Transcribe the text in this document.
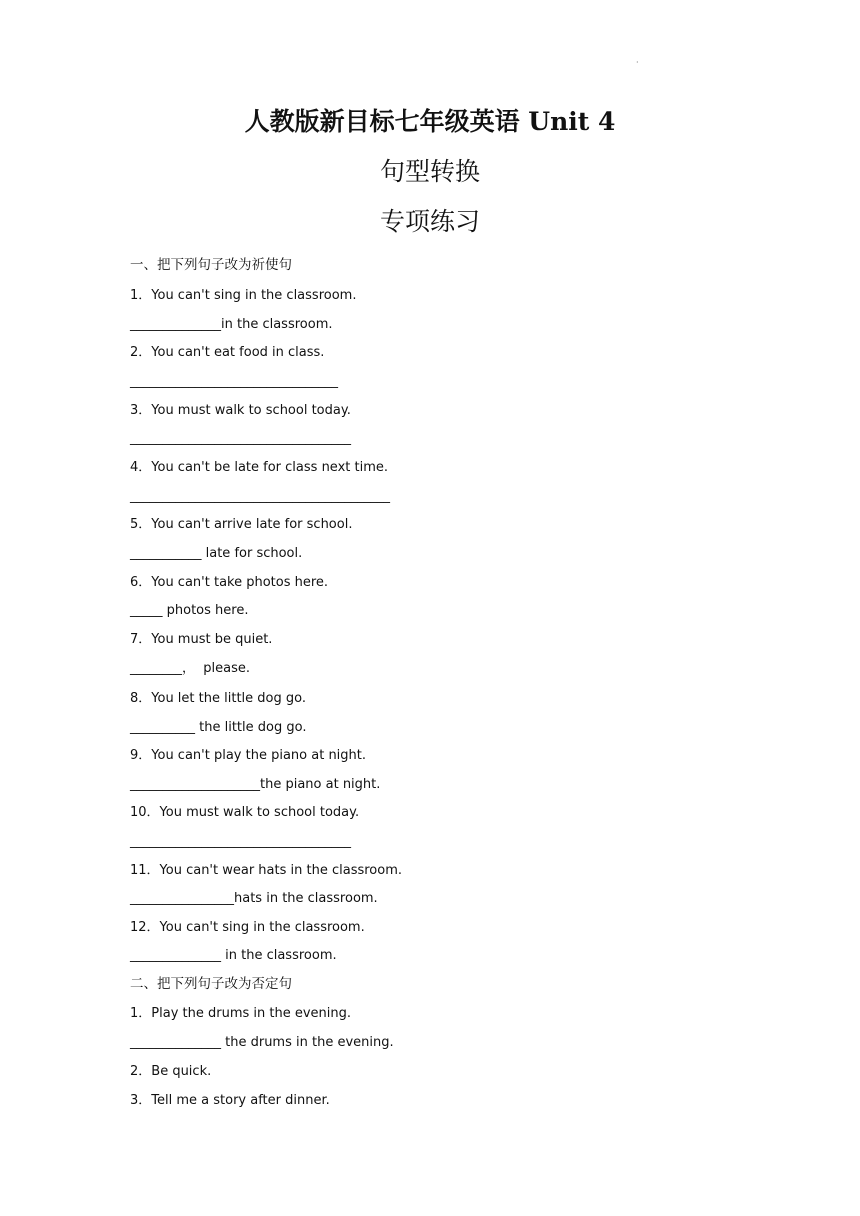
·
人教版新目标七年级英语 Unit 4
句型转换
专项练习
一、把下列句子改为祈使句
1．You can't sing in the classroom.
______________in the classroom.
2．You can't eat food in class.
________________________________
3．You must walk to school today.
__________________________________
4．You can't be late for class next time.
________________________________________
5．You can't arrive late for school.
___________ late for school.
6．You can't take photos here.
_____ photos here.
7．You must be quiet.
________，  please.
8．You let the little dog go.
__________ the little dog go.
9．You can't play the piano at night.
____________________the piano at night.
10．You must walk to school today.
__________________________________
11．You can't wear hats in the classroom.
________________hats in the classroom.
12．You can't sing in the classroom.
______________ in the classroom.
二、把下列句子改为否定句
1．Play the drums in the evening.
______________ the drums in the evening.
2．Be quick.
3．Tell me a story after dinner.
